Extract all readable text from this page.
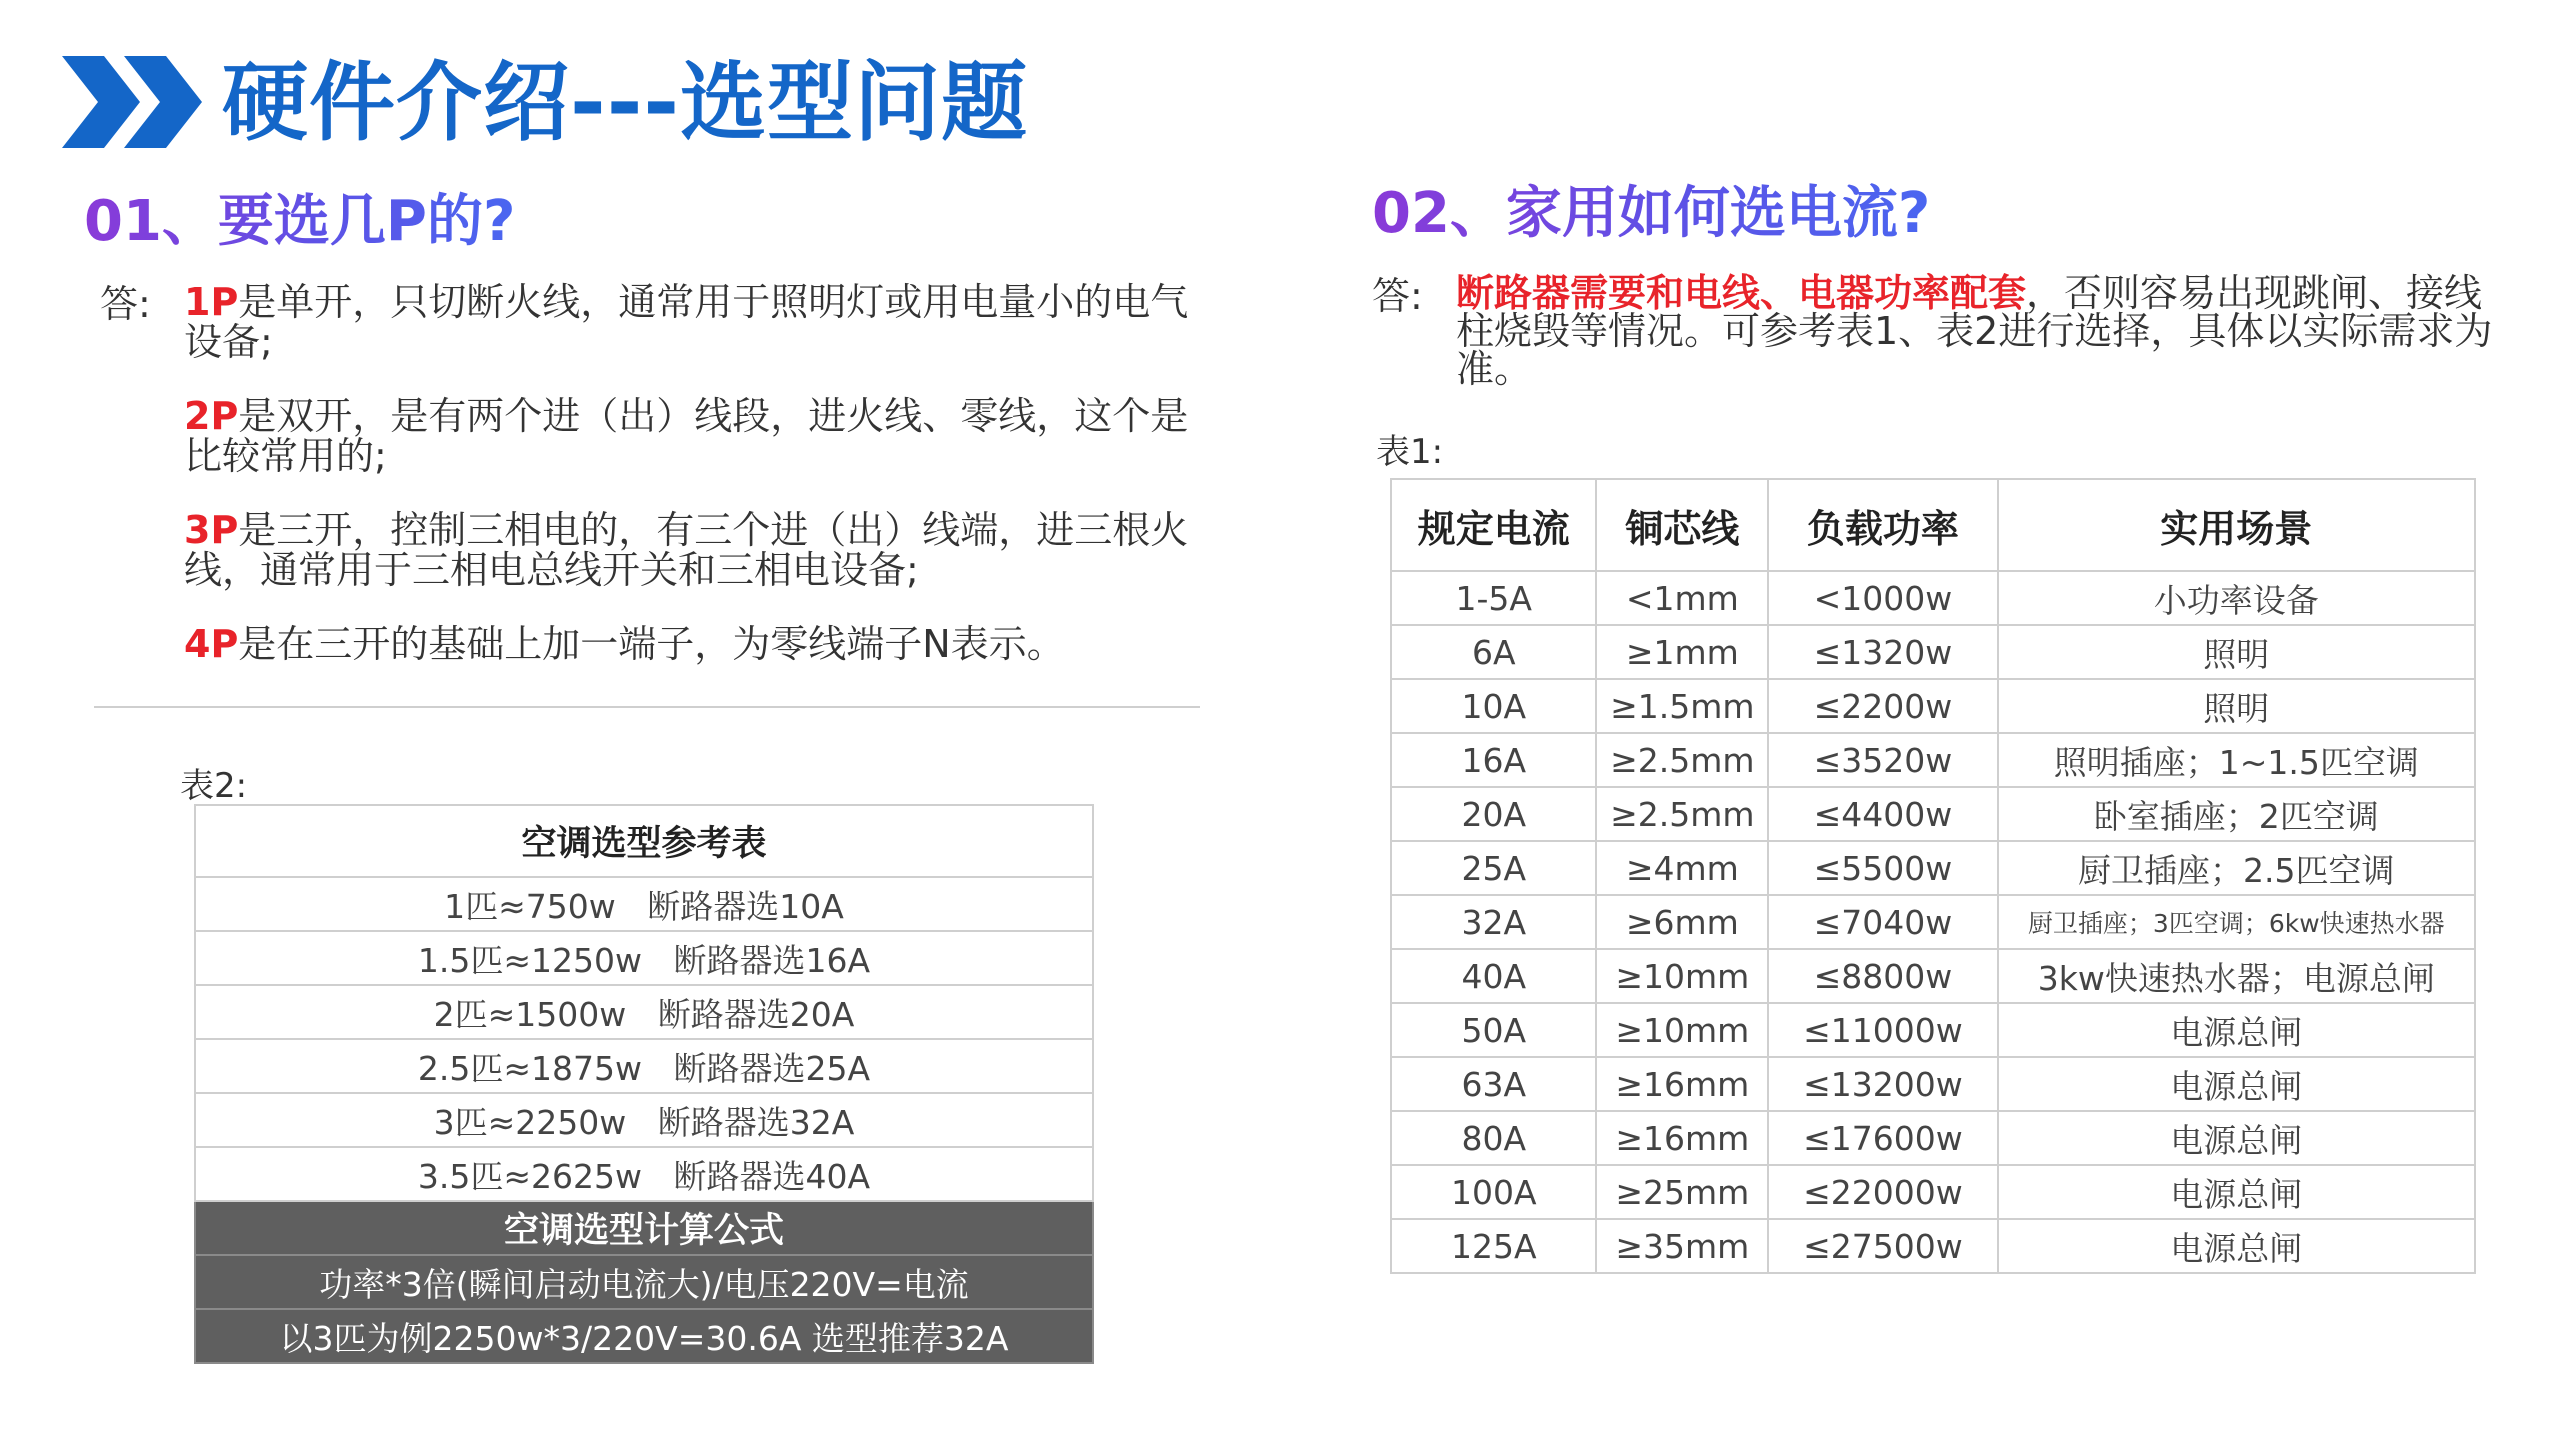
硬件介绍---选型问题
01、要选几P的?
答: 1P是单开，只切断火线，通常用于照明灯或用电量小的电气设备;
2P是双开，是有两个进（出）线段，进火线、零线，这个是比较常用的;
3P是三开，控制三相电的，有三个进（出）线端，进三根火线，通常用于三相电总线开关和三相电设备;
4P是在三开的基础上加一端子，为零线端子N表示。
表2:
空调选型参考表
1匹≈750w 断路器选10A
1.5匹≈1250w 断路器选16A
2匹≈1500w 断路器选20A
2.5匹≈1875w 断路器选25A
3匹≈2250w 断路器选32A
3.5匹≈2625w 断路器选40A
空调选型计算公式
功率*3倍(瞬间启动电流大)/电压220V=电流
以3匹为例2250w*3/220V=30.6A 选型推荐32A
02、家用如何选电流?
答: 断路器需要和电线、电器功率配套，否则容易出现跳闸、接线柱烧毁等情况。可参考表1、表2进行选择，具体以实际需求为准。
表1:
规定电流	铜芯线	负载功率	实用场景
1-5A	<1mm	<1000w	小功率设备
6A	≥1mm	≤1320w	照明
10A	≥1.5mm	≤2200w	照明
16A	≥2.5mm	≤3520w	照明插座；1~1.5匹空调
20A	≥2.5mm	≤4400w	卧室插座；2匹空调
25A	≥4mm	≤5500w	厨卫插座；2.5匹空调
32A	≥6mm	≤7040w	厨卫插座；3匹空调；6kw快速热水器
40A	≥10mm	≤8800w	3kw快速热水器；电源总闸
50A	≥10mm	≤11000w	电源总闸
63A	≥16mm	≤13200w	电源总闸
80A	≥16mm	≤17600w	电源总闸
100A	≥25mm	≤22000w	电源总闸
125A	≥35mm	≤27500w	电源总闸
